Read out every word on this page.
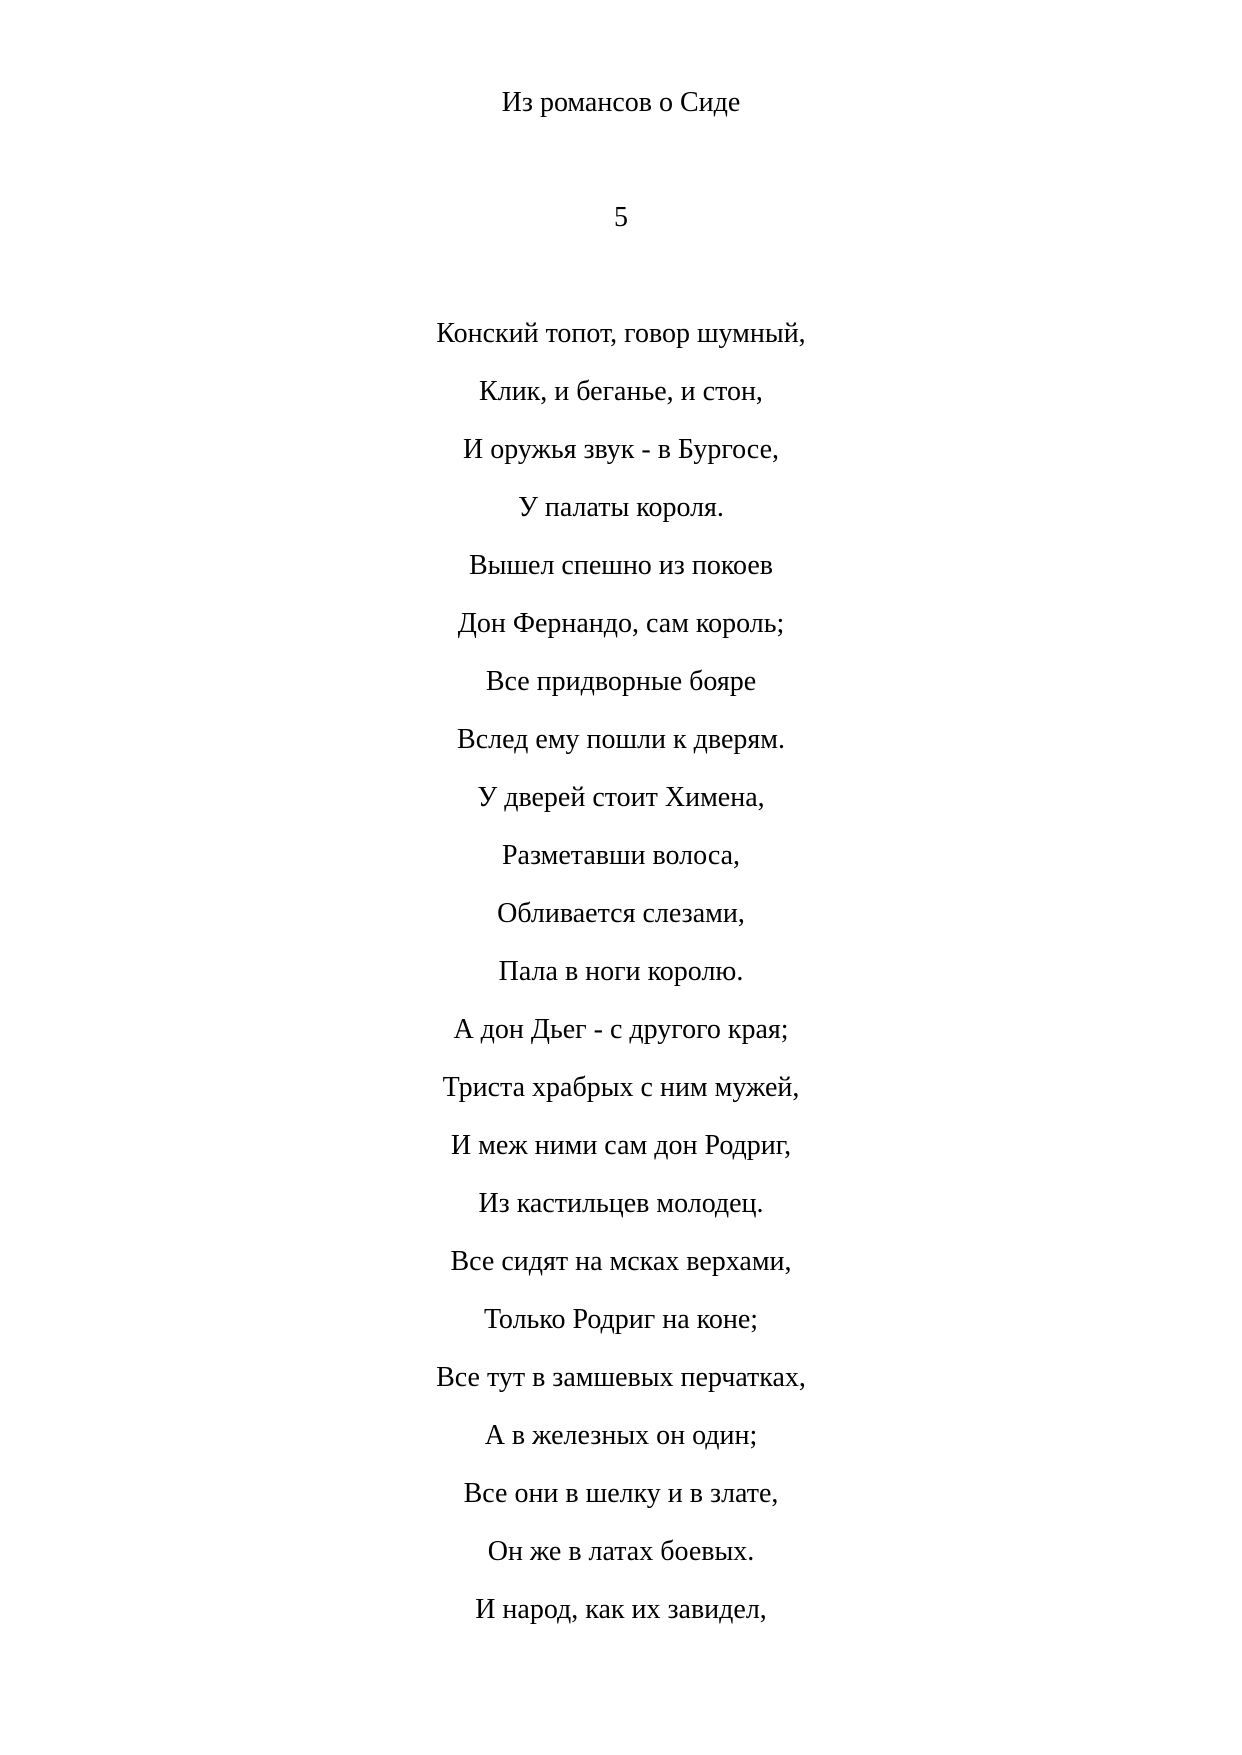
Из романсов о Сиде
5
Конский топот, говор шумный,
Клик, и беганье, и стон,
И оружья звук - в Бургосе,
У палаты короля.
Вышел спешно из покоев
Дон Фернандо, сам король;
Все придворные бояре
Вслед ему пошли к дверям.
У дверей стоит Химена,
Разметавши волоса,
Обливается слезами,
Пала в ноги королю.
А дон Дьег - с другого края;
Триста храбрых с ним мужей,
И меж ними сам дон Родриг,
Из кастильцев молодец.
Все сидят на мсках верхами,
Только Родриг на коне;
Все тут в замшевых перчатках,
А в железных он один;
Все они в шелку и в злате,
Он же в латах боевых.
И народ, как их завидел,
